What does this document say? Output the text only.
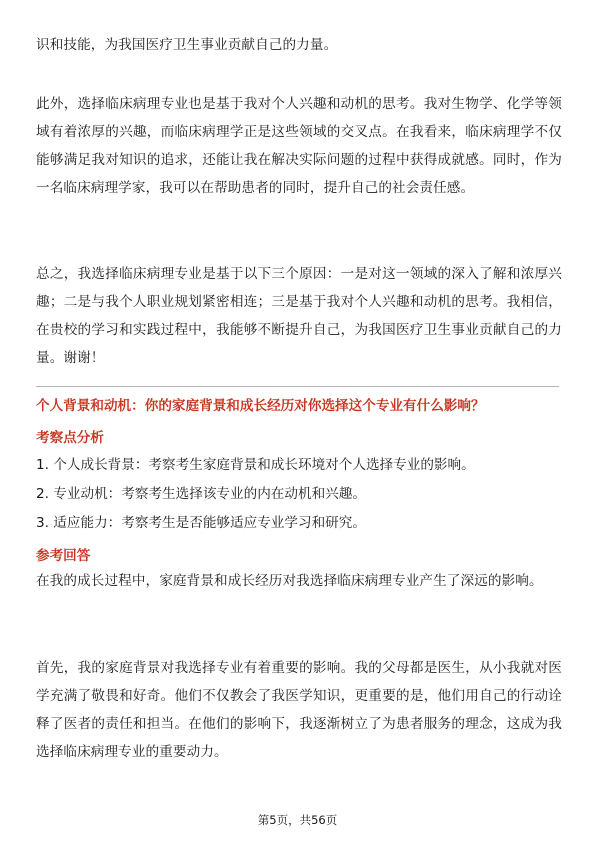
识和技能，为我国医疗卫生事业贡献自己的力量。

此外，选择临床病理专业也是基于我对个人兴趣和动机的思考。我对生物学、化学等领域有着浓厚的兴趣，而临床病理学正是这些领域的交叉点。在我看来，临床病理学不仅能够满足我对知识的追求，还能让我在解决实际问题的过程中获得成就感。同时，作为一名临床病理学家，我可以在帮助患者的同时，提升自己的社会责任感。

总之，我选择临床病理专业是基于以下三个原因：一是对这一领域的深入了解和浓厚兴趣；二是与我个人职业规划紧密相连；三是基于我对个人兴趣和动机的思考。我相信，在贵校的学习和实践过程中，我能够不断提升自己，为我国医疗卫生事业贡献自己的力量。谢谢！

个人背景和动机：你的家庭背景和成长经历对你选择这个专业有什么影响？

考察点分析

1. 个人成长背景：考察考生家庭背景和成长环境对个人选择专业的影响。

2. 专业动机：考察考生选择该专业的内在动机和兴趣。

3. 适应能力：考察考生是否能够适应专业学习和研究。

参考回答

在我的成长过程中，家庭背景和成长经历对我选择临床病理专业产生了深远的影响。

首先，我的家庭背景对我选择专业有着重要的影响。我的父母都是医生，从小我就对医学充满了敬畏和好奇。他们不仅教会了我医学知识，更重要的是，他们用自己的行动诠释了医者的责任和担当。在他们的影响下，我逐渐树立了为患者服务的理念，这成为我选择临床病理专业的重要动力。

第5页，共56页
